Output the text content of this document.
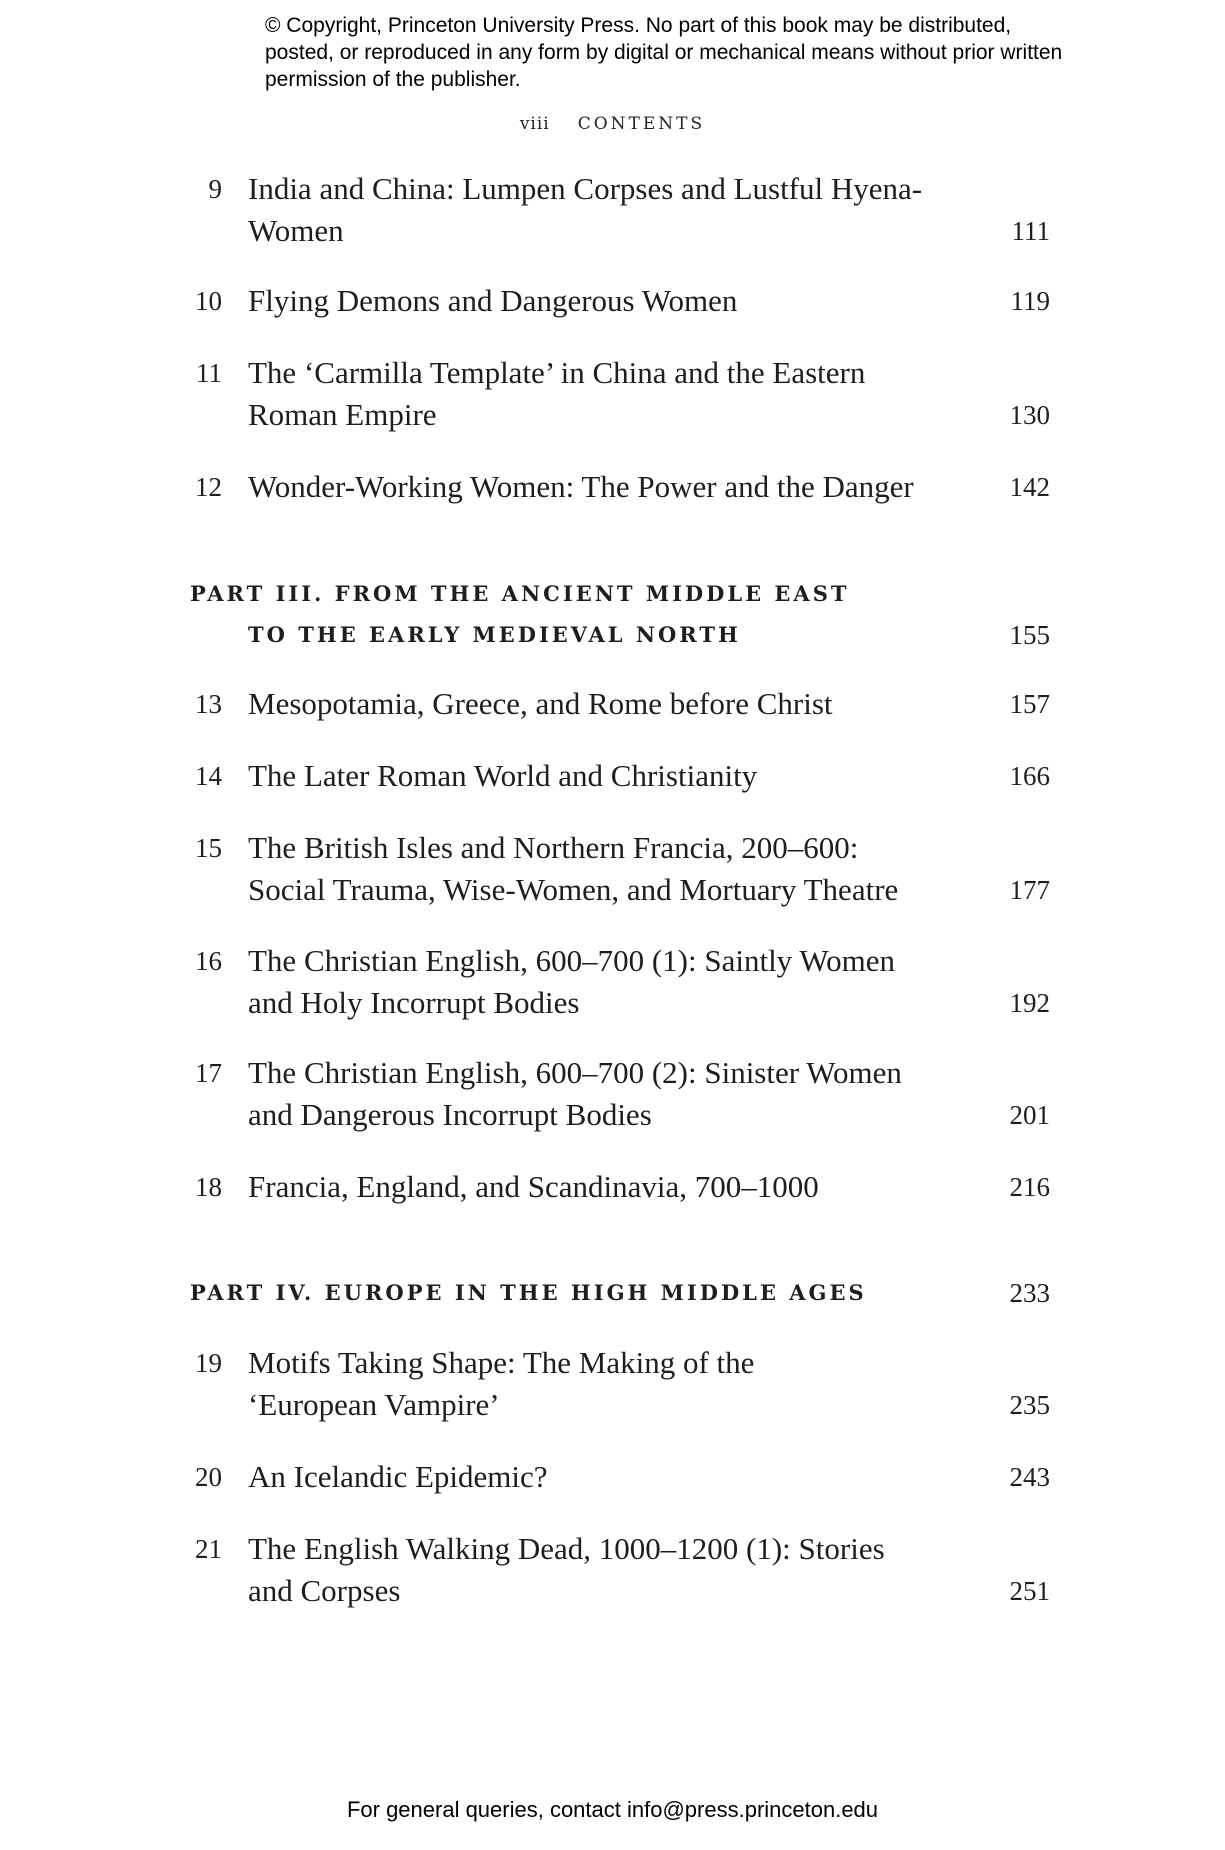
© Copyright, Princeton University Press. No part of this book may be distributed, posted, or reproduced in any form by digital or mechanical means without prior written permission of the publisher.
viii CONTENTS
9 India and China: Lumpen Corpses and Lustful Hyena-Women	111
10 Flying Demons and Dangerous Women	119
11 The ‘Carmilla Template’ in China and the Eastern Roman Empire	130
12 Wonder-Working Women: The Power and the Danger	142
PART III. FROM THE ANCIENT MIDDLE EAST
TO THE EARLY MEDIEVAL NORTH	155
13 Mesopotamia, Greece, and Rome before Christ	157
14 The Later Roman World and Christianity	166
15 The British Isles and Northern Francia, 200–600: Social Trauma, Wise-Women, and Mortuary Theatre	177
16 The Christian English, 600–700 (1): Saintly Women and Holy Incorrupt Bodies	192
17 The Christian English, 600–700 (2): Sinister Women and Dangerous Incorrupt Bodies	201
18 Francia, England, and Scandinavia, 700–1000	216
PART IV. EUROPE IN THE HIGH MIDDLE AGES	233
19 Motifs Taking Shape: The Making of the ‘European Vampire’	235
20 An Icelandic Epidemic?	243
21 The English Walking Dead, 1000–1200 (1): Stories and Corpses	251
For general queries, contact info@press.princeton.edu
